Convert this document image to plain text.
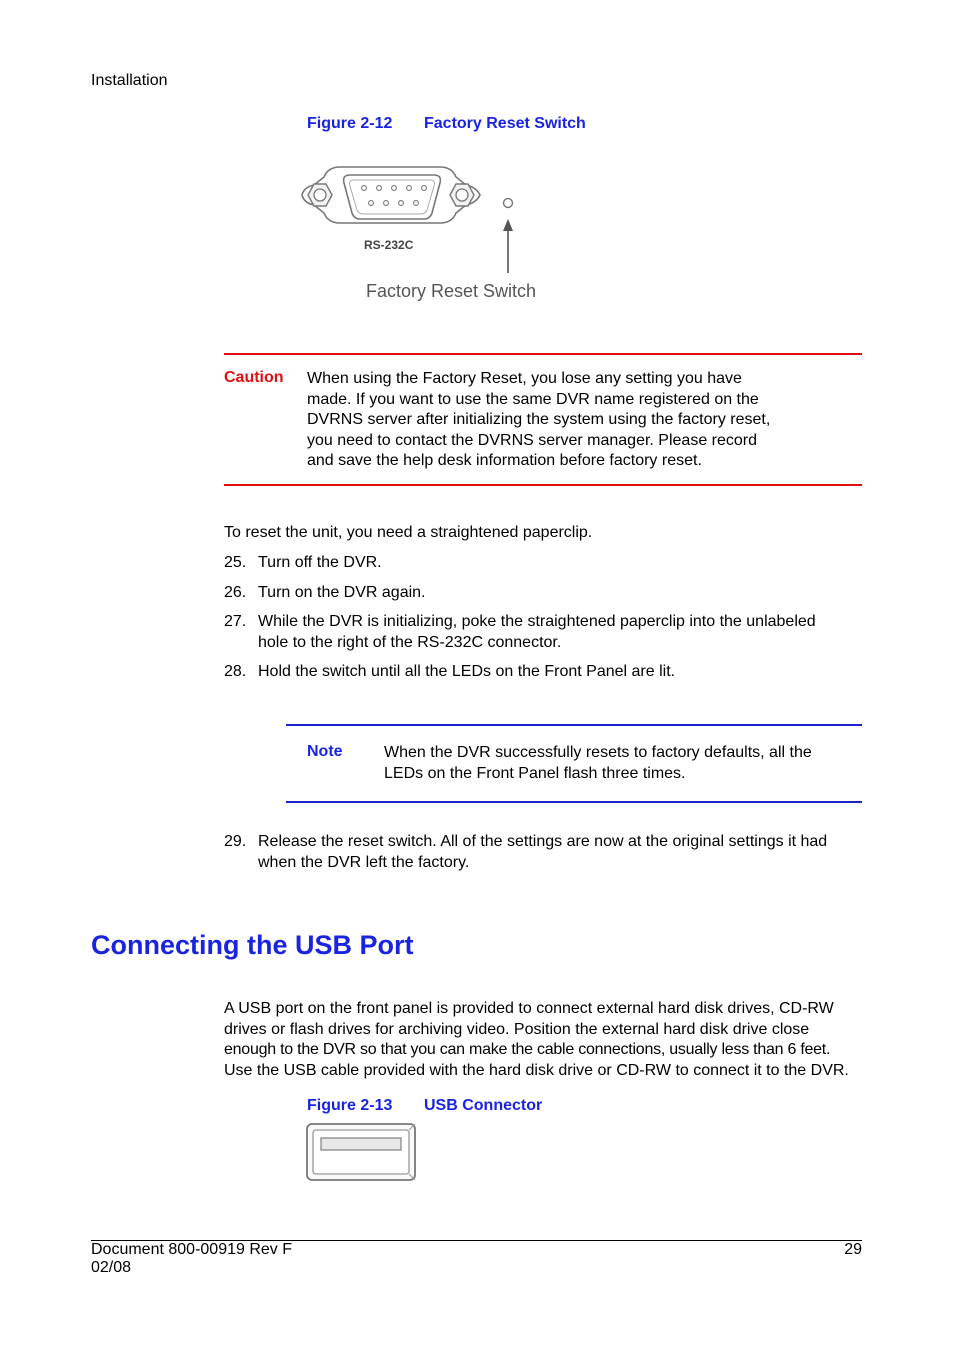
Installation
Figure 2-12 Factory Reset Switch
RS-232C
Factory Reset Switch
Caution When using the Factory Reset, you lose any setting you have
made. If you want to use the same DVR name registered on the
DVRNS server after initializing the system using the factory reset,
you need to contact the DVRNS server manager. Please record
and save the help desk information before factory reset.
To reset the unit, you need a straightened paperclip.
25. Turn off the DVR.
26. Turn on the DVR again.
27. While the DVR is initializing, poke the straightened paperclip into the unlabeled
hole to the right of the RS-232C connector.
28. Hold the switch until all the LEDs on the Front Panel are lit.
Note	When the DVR successfully resets to factory defaults, all the
LEDs on the Front Panel flash three times.
29. Release the reset switch. All of the settings are now at the original settings it had
when the DVR left the factory.
Connecting the USB Port
A USB port on the front panel is provided to connect external hard disk drives, CD-RW
drives or flash drives for archiving video. Position the external hard disk drive close
enough to the DVR so that you can make the cable connections, usually less than 6 feet.
Use the USB cable provided with the hard disk drive or CD-RW to connect it to the DVR.
Figure 2-13 USB Connector
Document 800-00919 Rev F
02/08
29
